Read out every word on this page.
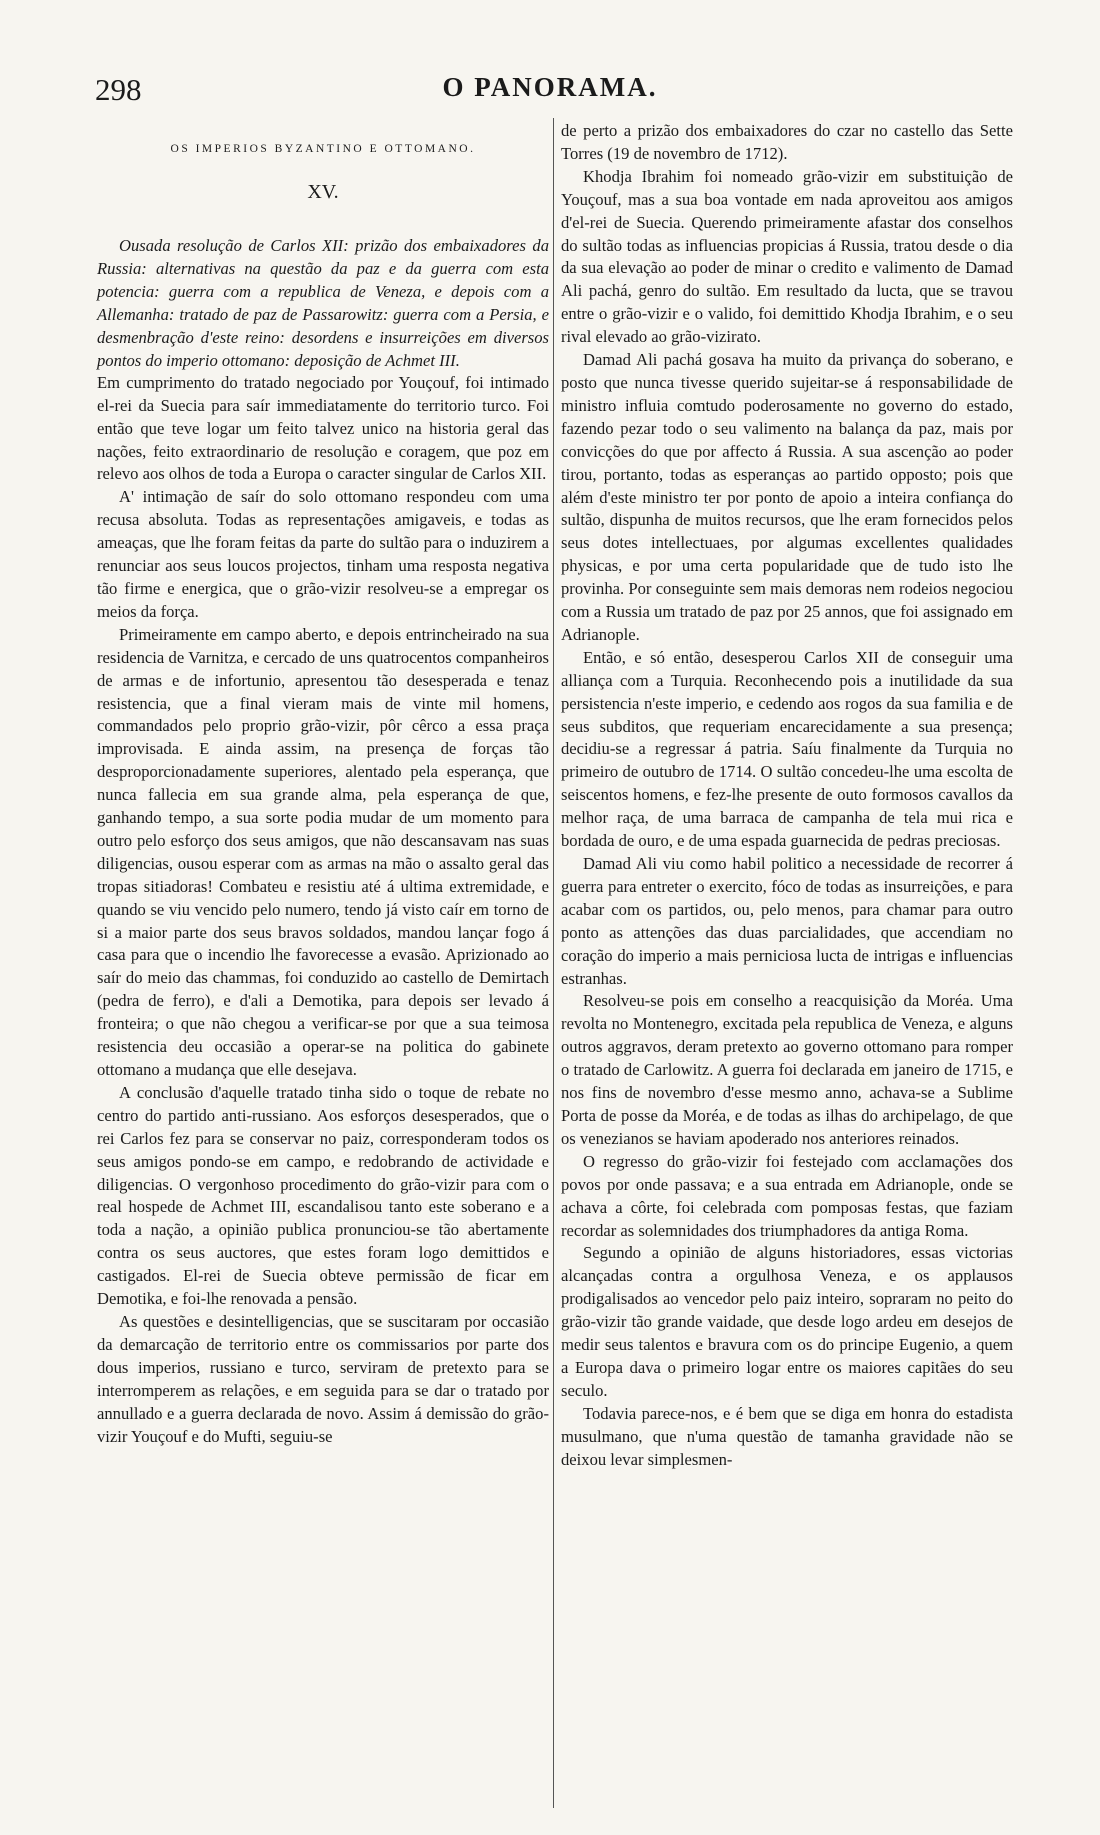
298	O PANORAMA.
OS IMPERIOS BYZANTINO E OTTOMANO.
XV.

Ousada resolução de Carlos XII: prizão dos embaixadores da Russia: alternativas na questão da paz e da guerra com esta potencia: guerra com a republica de Veneza, e depois com a Allemanha: tratado de paz de Passarowitz: guerra com a Persia, e desmenbração d'este reino: desordens e insurreições em diversos pontos do imperio ottomano: deposição de Achmet III.

Em cumprimento do tratado negociado por Youçouf, foi intimado el-rei da Suecia para saír immediatamente do territorio turco. Foi então que teve logar um feito talvez unico na historia geral das nações, feito extraordinario de resolução e coragem, que poz em relevo aos olhos de toda a Europa o caracter singular de Carlos XII.

A' intimação de saír do solo ottomano respondeu com uma recusa absoluta. Todas as representações amigaveis, e todas as ameaças, que lhe foram feitas da parte do sultão para o induzirem a renunciar aos seus loucos projectos, tinham uma resposta negativa tão firme e energica, que o grão-vizir resolveu-se a empregar os meios da força.

Primeiramente em campo aberto, e depois entrincheirado na sua residencia de Varnitza, e cercado de uns quatrocentos companheiros de armas e de infortunio, apresentou tão desesperada e tenaz resistencia, que a final vieram mais de vinte mil homens, commandados pelo proprio grão-vizir, pôr cêrco a essa praça improvisada. E ainda assim, na presença de forças tão desproporcionadamente superiores, alentado pela esperança, que nunca fallecia em sua grande alma, pela esperança de que, ganhando tempo, a sua sorte podia mudar de um momento para outro pelo esforço dos seus amigos, que não descansavam nas suas diligencias, ousou esperar com as armas na mão o assalto geral das tropas sitiadoras! Combateu e resistiu até á ultima extremidade, e quando se viu vencido pelo numero, tendo já visto caír em torno de si a maior parte dos seus bravos soldados, mandou lançar fogo á casa para que o incendio lhe favorecesse a evasão. Aprizionado ao saír do meio das chammas, foi conduzido ao castello de Demirtach (pedra de ferro), e d'ali a Demotika, para depois ser levado á fronteira; o que não chegou a verificar-se por que a sua teimosa resistencia deu occasião a operar-se na politica do gabinete ottomano a mudança que elle desejava.

A conclusão d'aquelle tratado tinha sido o toque de rebate no centro do partido anti-russiano. Aos esforços desesperados, que o rei Carlos fez para se conservar no paiz, corresponderam todos os seus amigos pondo-se em campo, e redobrando de actividade e diligencias. O vergonhoso procedimento do grão-vizir para com o real hospede de Achmet III, escandalisou tanto este soberano e a toda a nação, a opinião publica pronunciou-se tão abertamente contra os seus auctores, que estes foram logo demittidos e castigados. El-rei de Suecia obteve permissão de ficar em Demotika, e foi-lhe renovada a pensão.

As questões e desintelligencias, que se suscitaram por occasião da demarcação de territorio entre os commissarios por parte dos dous imperios, russiano e turco, serviram de pretexto para se interromperem as relações, e em seguida para se dar o tratado por annullado e a guerra declarada de novo. Assim á demissão do grão-vizir Youçouf e do Mufti, seguiu-se

de perto a prizão dos embaixadores do czar no castello das Sette Torres (19 de novembro de 1712).

Khodja Ibrahim foi nomeado grão-vizir em substituição de Youçouf, mas a sua boa vontade em nada aproveitou aos amigos d'el-rei de Suecia. Querendo primeiramente afastar dos conselhos do sultão todas as influencias propicias á Russia, tratou desde o dia da sua elevação ao poder de minar o credito e valimento de Damad Ali pachá, genro do sultão. Em resultado da lucta, que se travou entre o grão-vizir e o valido, foi demittido Khodja Ibrahim, e o seu rival elevado ao grão-vizirato.

Damad Ali pachá gosava ha muito da privança do soberano, e posto que nunca tivesse querido sujeitar-se á responsabilidade de ministro influia comtudo poderosamente no governo do estado, fazendo pezar todo o seu valimento na balança da paz, mais por convicções do que por affecto á Russia. A sua ascenção ao poder tirou, portanto, todas as esperanças ao partido opposto; pois que além d'este ministro ter por ponto de apoio a inteira confiança do sultão, dispunha de muitos recursos, que lhe eram fornecidos pelos seus dotes intellectuaes, por algumas excellentes qualidades physicas, e por uma certa popularidade que de tudo isto lhe provinha. Por conseguinte sem mais demoras nem rodeios negociou com a Russia um tratado de paz por 25 annos, que foi assignado em Adrianople.

Então, e só então, desesperou Carlos XII de conseguir uma alliança com a Turquia. Reconhecendo pois a inutilidade da sua persistencia n'este imperio, e cedendo aos rogos da sua familia e de seus subditos, que requeriam encarecidamente a sua presença; decidiu-se a regressar á patria. Saíu finalmente da Turquia no primeiro de outubro de 1714. O sultão concedeu-lhe uma escolta de seiscentos homens, e fez-lhe presente de outo formosos cavallos da melhor raça, de uma barraca de campanha de tela mui rica e bordada de ouro, e de uma espada guarnecida de pedras preciosas.

Damad Ali viu como habil politico a necessidade de recorrer á guerra para entreter o exercito, fóco de todas as insurreições, e para acabar com os partidos, ou, pelo menos, para chamar para outro ponto as attenções das duas parcialidades, que accendiam no coração do imperio a mais perniciosa lucta de intrigas e influencias estranhas.

Resolveu-se pois em conselho a reacquisição da Moréa. Uma revolta no Montenegro, excitada pela republica de Veneza, e alguns outros aggravos, deram pretexto ao governo ottomano para romper o tratado de Carlowitz. A guerra foi declarada em janeiro de 1715, e nos fins de novembro d'esse mesmo anno, achava-se a Sublime Porta de posse da Moréa, e de todas as ilhas do archipelago, de que os venezianos se haviam apoderado nos anteriores reinados.

O regresso do grão-vizir foi festejado com acclamações dos povos por onde passava; e a sua entrada em Adrianople, onde se achava a côrte, foi celebrada com pomposas festas, que faziam recordar as solemnidades dos triumphadores da antiga Roma.

Segundo a opinião de alguns historiadores, essas victorias alcançadas contra a orgulhosa Veneza, e os applausos prodigalisados ao vencedor pelo paiz inteiro, sopraram no peito do grão-vizir tão grande vaidade, que desde logo ardeu em desejos de medir seus talentos e bravura com os do principe Eugenio, a quem a Europa dava o primeiro logar entre os maiores capitães do seu seculo.

Todavia parece-nos, e é bem que se diga em honra do estadista musulmano, que n'uma questão de tamanha gravidade não se deixou levar simplesmen-
